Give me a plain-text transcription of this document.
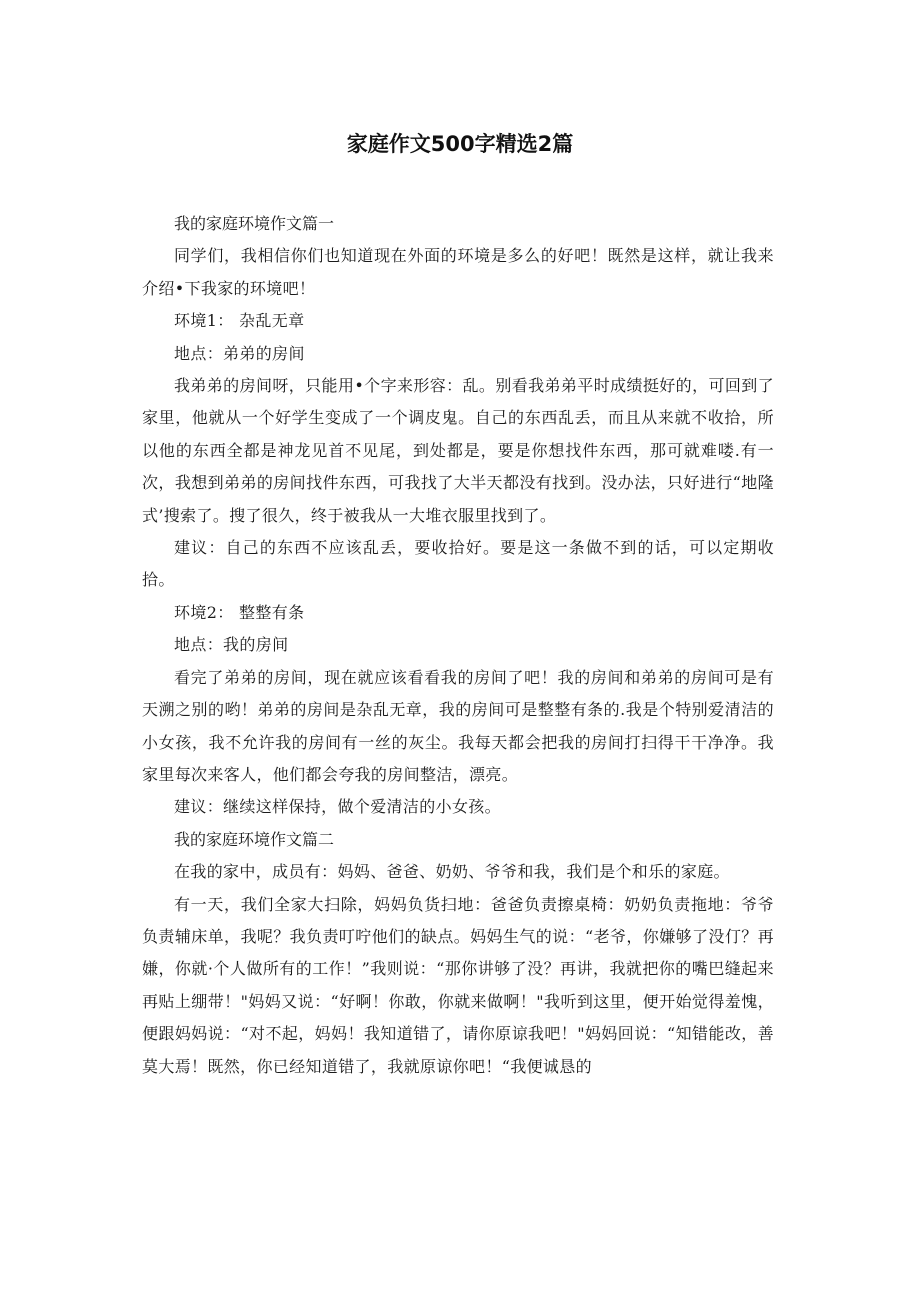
家庭作文500字精选2篇

我的家庭环境作文篇一

同学们，我相信你们也知道现在外面的环境是多么的好吧！既然是这样，就让我来介绍•下我家的环境吧！

环境1： 杂乱无章

地点：弟弟的房间

我弟弟的房间呀，只能用•个字来形容：乱。别看我弟弟平时成绩挺好的，可回到了家里，他就从一个好学生变成了一个调皮鬼。自己的东西乱丢，而且从来就不收拾，所以他的东西全都是神龙见首不见尾，到处都是，要是你想找件东西，那可就难喽.有一次，我想到弟弟的房间找件东西，可我找了大半天都没有找到。没办法，只好进行“地隆式’搜索了。搜了很久，终于被我从一大堆衣服里找到了。

建议：自己的东西不应该乱丢，要收拾好。要是这一条做不到的话，可以定期收拾。

环境2： 整整有条

地点：我的房间

看完了弟弟的房间，现在就应该看看我的房间了吧！我的房间和弟弟的房间可是有天溯之别的哟！弟弟的房间是杂乱无章，我的房间可是整整有条的.我是个特别爱清洁的小女孩，我不允许我的房间有一丝的灰尘。我每天都会把我的房间打扫得干干净净。我家里每次来客人，他们都会夸我的房间整洁，漂亮。

建议：继续这样保持，做个爱清洁的小女孩。

我的家庭环境作文篇二

在我的家中，成员有：妈妈、爸爸、奶奶、爷爷和我，我们是个和乐的家庭。

有一天，我们全家大扫除，妈妈负货扫地：爸爸负责擦桌椅：奶奶负责拖地：爷爷负责辅床单，我呢？我负责叮咛他们的缺点。妈妈生气的说：“老爷，你嫌够了没仃？再嫌，你就·个人做所有的工作！”我则说：“那你讲够了没？再讲，我就把你的嘴巴缝起来再贴上绷带！"妈妈又说：“好啊！你敢，你就来做啊！"我听到这里，便开始觉得羞愧，便跟妈妈说：“对不起，妈妈！我知道错了，请你原谅我吧！"妈妈回说：“知错能改，善莫大焉！既然，你已经知道错了，我就原谅你吧！“我便诚恳的
